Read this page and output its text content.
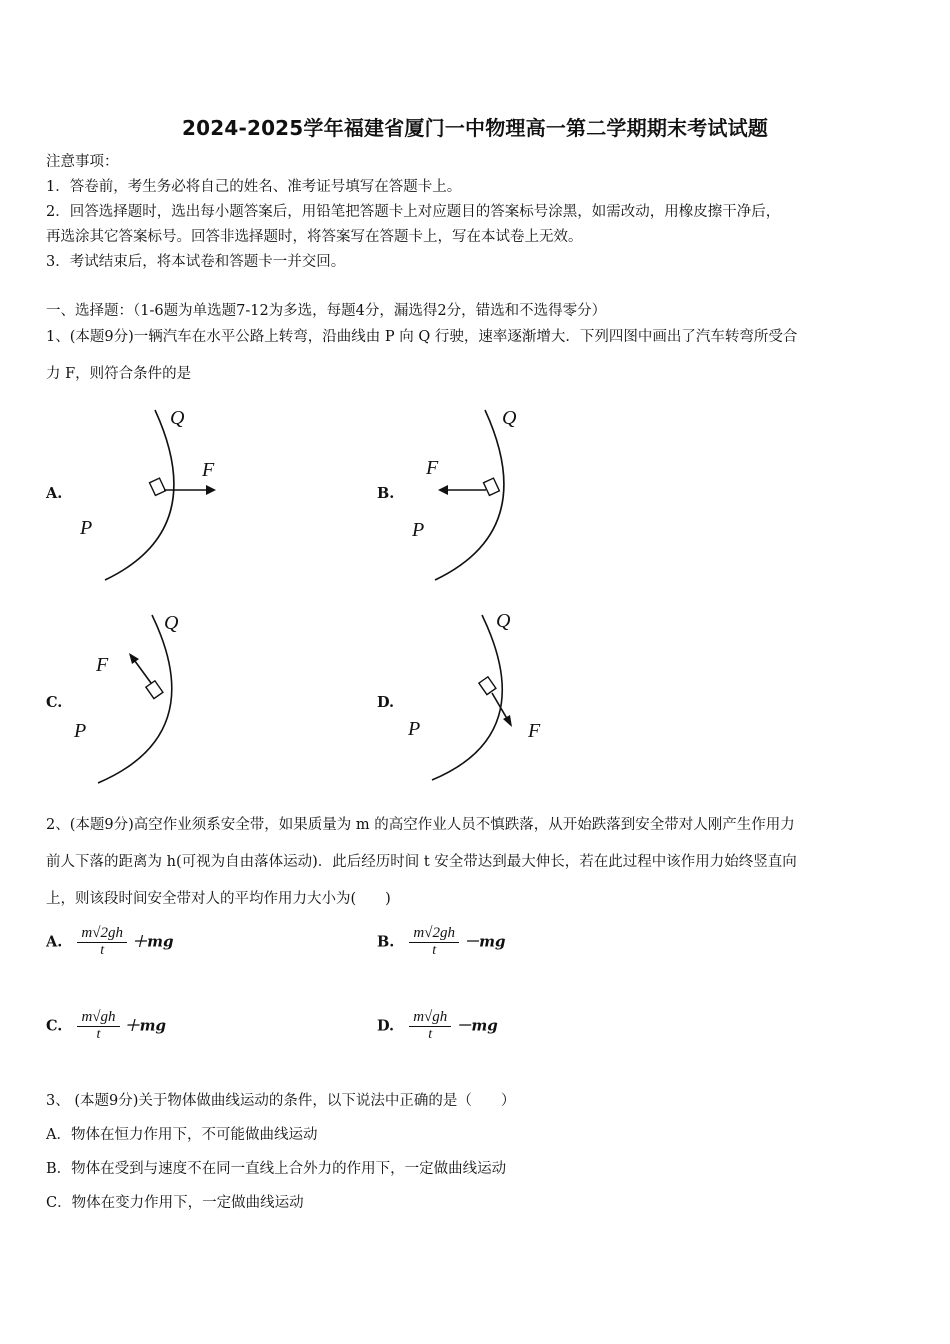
2024-2025学年福建省厦门一中物理高一第二学期期末考试试题
注意事项：
1．答卷前，考生务必将自己的姓名、准考证号填写在答题卡上。
2．回答选择题时，选出每小题答案后，用铅笔把答题卡上对应题目的答案标号涂黑，如需改动，用橡皮擦干净后，
再选涂其它答案标号。回答非选择题时，将答案写在答题卡上，写在本试卷上无效。
3．考试结束后，将本试卷和答题卡一并交回。
一、选择题：（1-6题为单选题7-12为多选，每题4分，漏选得2分，错选和不选得零分）
1、(本题9分)一辆汽车在水平公路上转弯，沿曲线由 P 向 Q 行驶，速率逐渐增大．下列四图中画出了汽车转弯所受合
力 F，则符合条件的是
A.
Q
F
P
B.
Q
F
P
C.
Q
F
P
D.
Q
F
P
2、(本题9分)高空作业须系安全带，如果质量为 m 的高空作业人员不慎跌落，从开始跌落到安全带对人刚产生作用力
前人下落的距离为 h(可视为自由落体运动)．此后经历时间 t 安全带达到最大伸长，若在此过程中该作用力始终竖直向
上，则该段时间安全带对人的平均作用力大小为(　　)
A. $\frac{m√2gh}{t} +mg$	B. $\frac{m√2gh}{t} -mg$
C. $\frac{m√gh}{t} +mg$	D. $\frac{m√gh}{t} -mg$
3、 (本题9分)关于物体做曲线运动的条件，以下说法中正确的是（　　）
A．物体在恒力作用下，不可能做曲线运动
B．物体在受到与速度不在同一直线上合外力的作用下，一定做曲线运动
C．物体在变力作用下，一定做曲线运动
